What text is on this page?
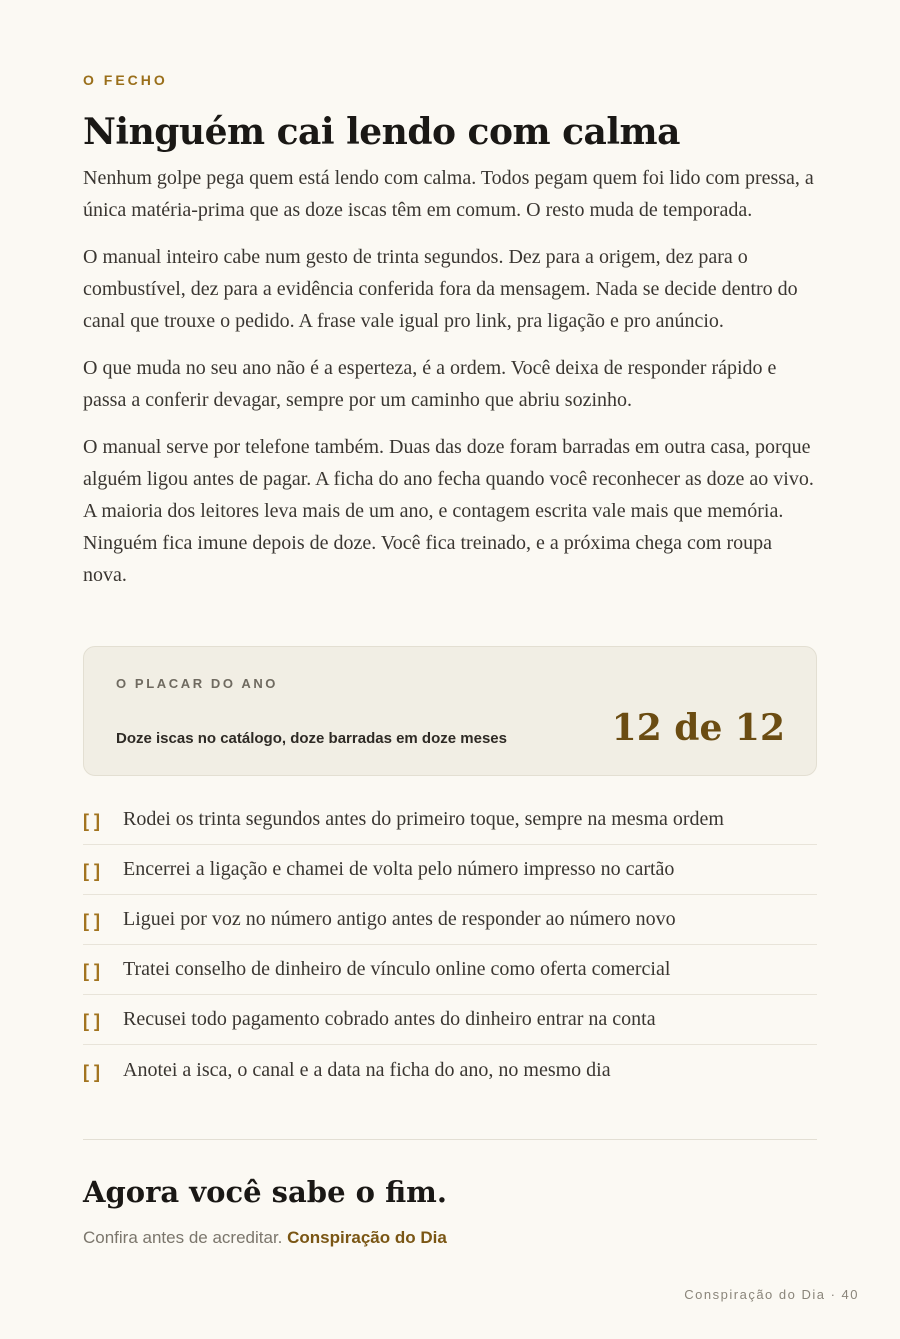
O FECHO
Ninguém cai lendo com calma

Nenhum golpe pega quem está lendo com calma. Todos pegam quem foi lido com pressa, a única matéria-prima que as doze iscas têm em comum. O resto muda de temporada.

O manual inteiro cabe num gesto de trinta segundos. Dez para a origem, dez para o combustível, dez para a evidência conferida fora da mensagem. Nada se decide dentro do canal que trouxe o pedido. A frase vale igual pro link, pra ligação e pro anúncio.

O que muda no seu ano não é a esperteza, é a ordem. Você deixa de responder rápido e passa a conferir devagar, sempre por um caminho que abriu sozinho.

O manual serve por telefone também. Duas das doze foram barradas em outra casa, porque alguém ligou antes de pagar. A ficha do ano fecha quando você reconhecer as doze ao vivo. A maioria dos leitores leva mais de um ano, e contagem escrita vale mais que memória. Ninguém fica imune depois de doze. Você fica treinado, e a próxima chega com roupa nova.

O PLACAR DO ANO
Doze iscas no catálogo, doze barradas em doze meses	12 de 12
[ ]	Rodei os trinta segundos antes do primeiro toque, sempre na mesma ordem
[ ]	Encerrei a ligação e chamei de volta pelo número impresso no cartão
[ ]	Liguei por voz no número antigo antes de responder ao número novo
[ ]	Tratei conselho de dinheiro de vínculo online como oferta comercial
[ ]	Recusei todo pagamento cobrado antes do dinheiro entrar na conta
[ ]	Anotei a isca, o canal e a data na ficha do ano, no mesmo dia
Agora você sabe o fim.
Confira antes de acreditar. Conspiração do Dia
Conspiração do Dia · 40
